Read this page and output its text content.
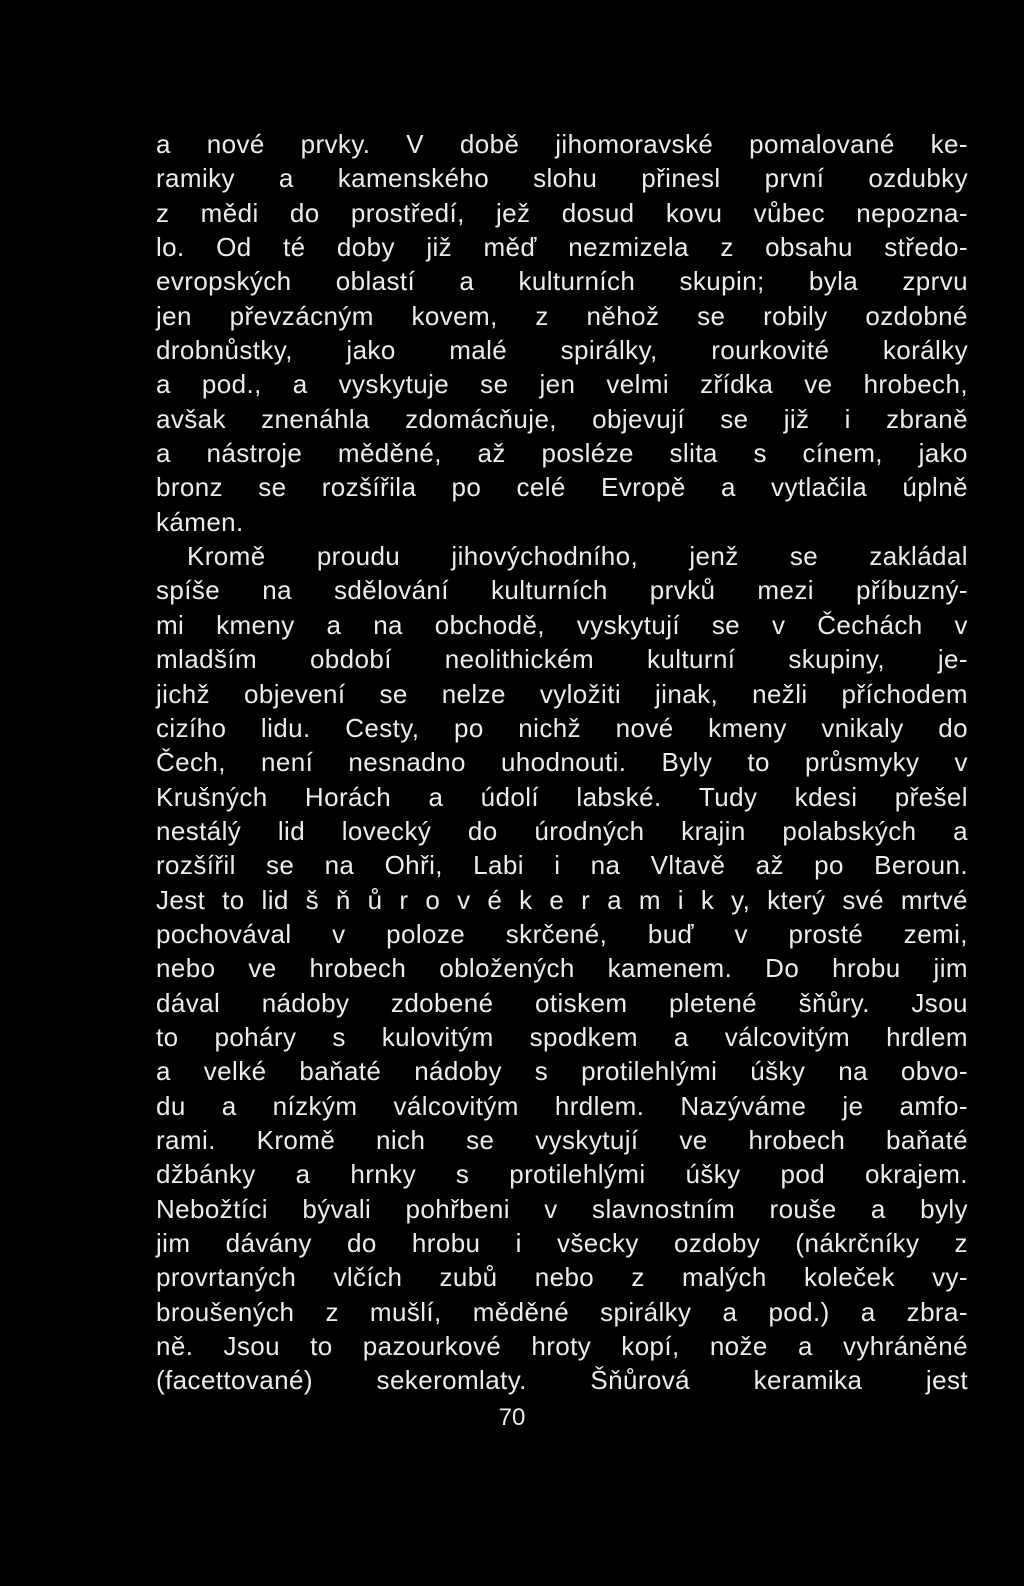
a nové prvky. V době jihomoravské pomalované ke-
ramiky a kamenského slohu přinesl první ozdubky
z mědi do prostředí, jež dosud kovu vůbec nepozna-
lo. Od té doby již měď nezmizela z obsahu středo-
evropských oblastí a kulturních skupin; byla zprvu
jen převzácným kovem, z něhož se robily ozdobné
drobnůstky, jako malé spirálky, rourkovité korálky
a pod., a vyskytuje se jen velmi zřídka ve hrobech,
avšak znenáhla zdomácňuje, objevují se již i zbraně
a nástroje měděné, až posléze slita s cínem, jako
bronz se rozšířila po celé Evropě a vytlačila úplně
kámen.
Kromě proudu jihovýchodního, jenž se zakládal
spíše na sdělování kulturních prvků mezi příbuzný-
mi kmeny a na obchodě, vyskytují se v Čechách v
mladším období neolithickém kulturní skupiny, je-
jichž objevení se nelze vyložiti jinak, nežli příchodem
cizího lidu. Cesty, po nichž nové kmeny vnikaly do
Čech, není nesnadno uhodnouti. Byly to průsmyky v
Krušných Horách a údolí labské. Tudy kdesi přešel
nestálý lid lovecký do úrodných krajin polabských a
rozšířil se na Ohři, Labi i na Vltavě až po Beroun.
Jest to lid š ň ů r o v é k e r a m i k y, který své mrtvé
pochovával v poloze skrčené, buď v prosté zemi,
nebo ve hrobech obložených kamenem. Do hrobu jim
dával nádoby zdobené otiskem pletené šňůry. Jsou
to poháry s kulovitým spodkem a válcovitým hrdlem
a velké baňaté nádoby s protilehlými úšky na obvo-
du a nízkým válcovitým hrdlem. Nazýváme je amfo-
rami. Kromě nich se vyskytují ve hrobech baňaté
džbánky a hrnky s protilehlými úšky pod okrajem.
Nebožtíci bývali pohřbeni v slavnostním rouše a byly
jim dávány do hrobu i všecky ozdoby (nákrčníky z
provrtaných vlčích zubů nebo z malých koleček vy-
broušených z mušlí, měděné spirálky a pod.) a zbra-
ně. Jsou to pazourkové hroty kopí, nože a vyhráněné
(facettované) sekeromlaty. Šňůrová keramika jest
70
